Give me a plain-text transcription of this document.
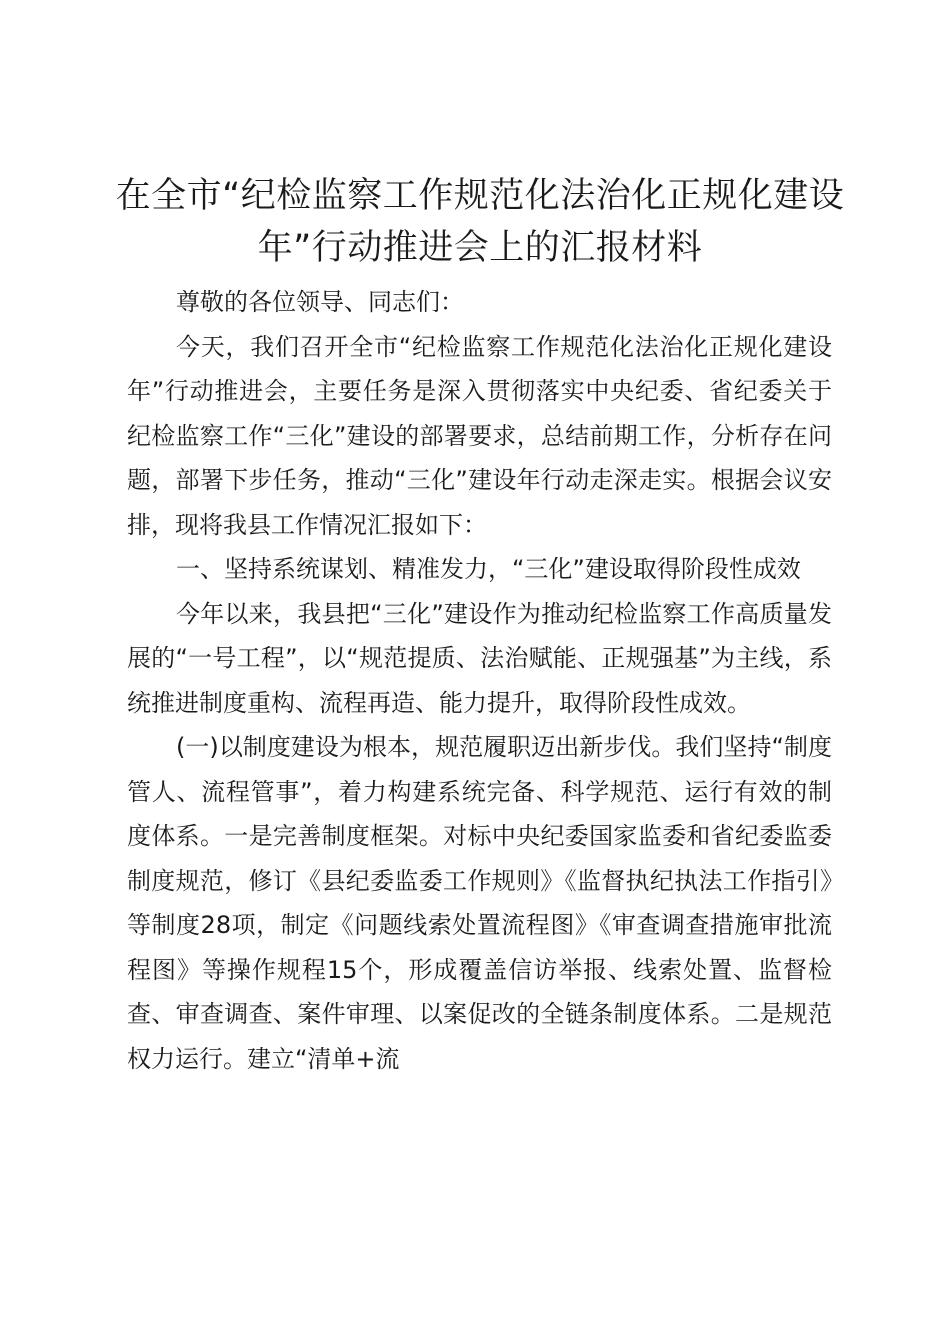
在全市“纪检监察工作规范化法治化正规化建设年”行动推进会上的汇报材料

尊敬的各位领导、同志们：

今天，我们召开全市“纪检监察工作规范化法治化正规化建设年”行动推进会，主要任务是深入贯彻落实中央纪委、省纪委关于纪检监察工作“三化”建设的部署要求，总结前期工作，分析存在问题，部署下步任务，推动“三化”建设年行动走深走实。根据会议安排，现将我县工作情况汇报如下：

一、坚持系统谋划、精准发力，“三化”建设取得阶段性成效

今年以来，我县把“三化”建设作为推动纪检监察工作高质量发展的“一号工程”，以“规范提质、法治赋能、正规强基”为主线，系统推进制度重构、流程再造、能力提升，取得阶段性成效。

(一)以制度建设为根本，规范履职迈出新步伐。我们坚持“制度管人、流程管事”，着力构建系统完备、科学规范、运行有效的制度体系。一是完善制度框架。对标中央纪委国家监委和省纪委监委制度规范，修订《县纪委监委工作规则》《监督执纪执法工作指引》等制度28项，制定《问题线索处置流程图》《审查调查措施审批流程图》等操作规程15个，形成覆盖信访举报、线索处置、监督检查、审查调查、案件审理、以案促改的全链条制度体系。二是规范权力运行。建立“清单+流
